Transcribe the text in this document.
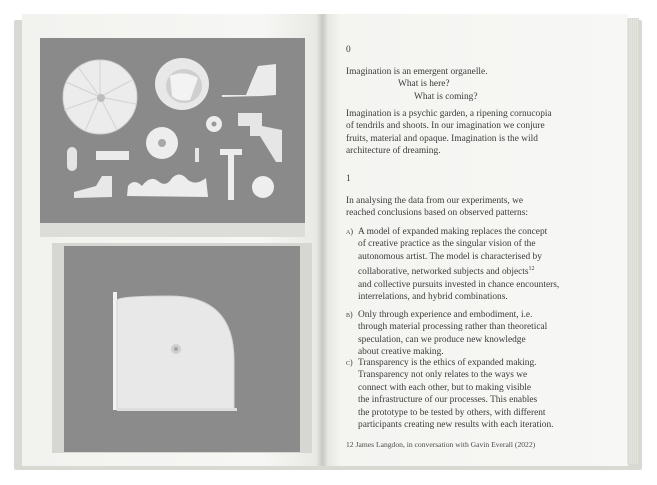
0
Imagination is an emergent organelle.
What is here?
What is coming?
Imagination is a psychic garden, a ripening cornucopia
of tendrils and shoots. In our imagination we conjure
fruits, material and opaque. Imagination is the wild
architecture of dreaming.
1
In analysing the data from our experiments, we
reached conclusions based on observed patterns:
a) A model of expanded making replaces the concept
of creative practice as the singular vision of the
autonomous artist. The model is characterised by
collaborative, networked subjects and objects$^{12}$
and collective pursuits invested in chance encounters,
interrelations, and hybrid combinations.
b) Only through experience and embodiment, i.e.
through material processing rather than theoretical
speculation, can we produce new knowledge
about creative making.
c) Transparency is the ethics of expanded making.
Transparency not only relates to the ways we
connect with each other, but to making visible
the infrastructure of our processes. This enables
the prototype to be tested by others, with different
participants creating new results with each iteration.
12 James Langdon, in conversation with Gavin Everall (2022)
